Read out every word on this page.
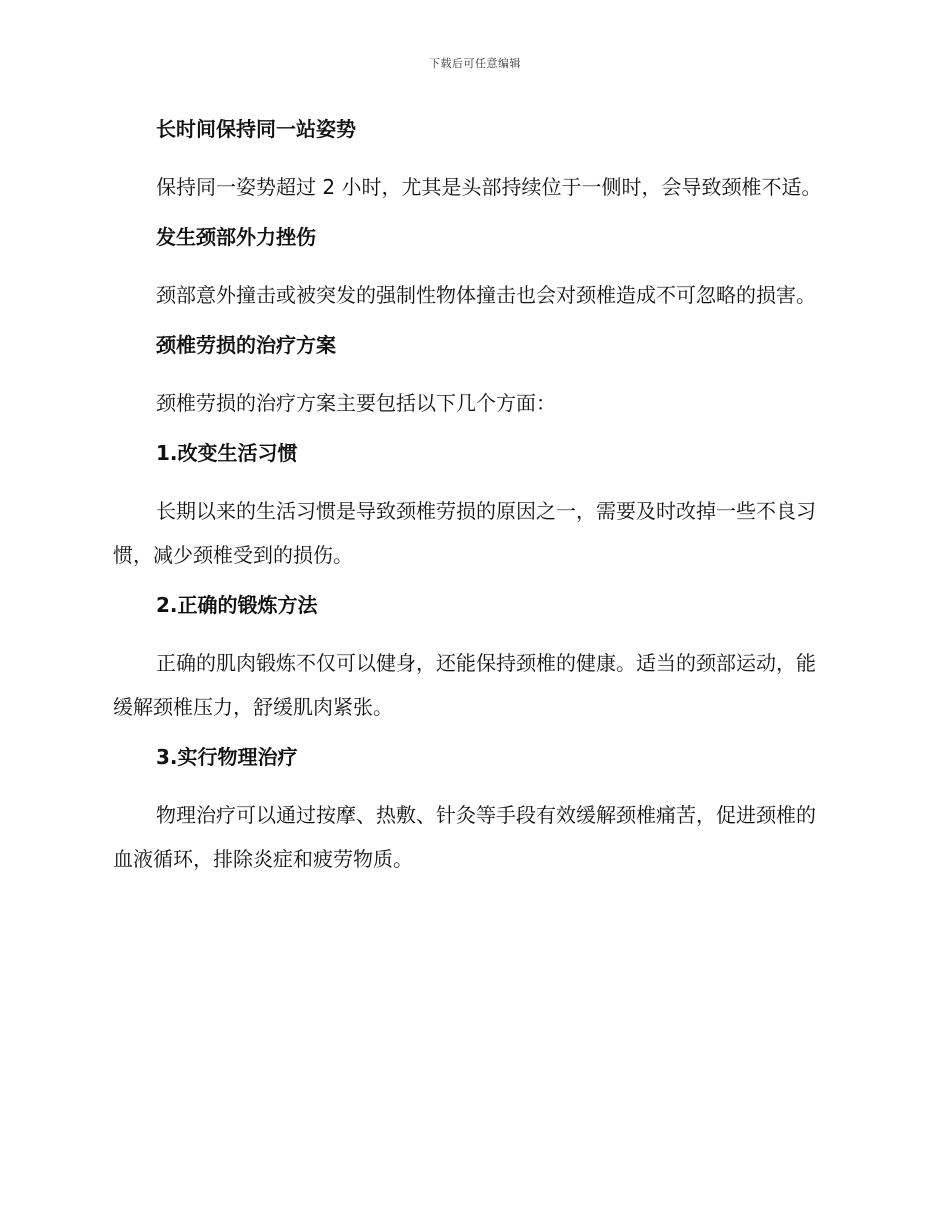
下载后可任意编辑
长时间保持同一站姿势

保持同一姿势超过 2 小时，尤其是头部持续位于一侧时，会导致颈椎不适。

发生颈部外力挫伤

颈部意外撞击或被突发的强制性物体撞击也会对颈椎造成不可忽略的损害。

颈椎劳损的治疗方案

颈椎劳损的治疗方案主要包括以下几个方面：

1.改变生活习惯

长期以来的生活习惯是导致颈椎劳损的原因之一，需要及时改掉一些不良习惯，减少颈椎受到的损伤。

2.正确的锻炼方法

正确的肌肉锻炼不仅可以健身，还能保持颈椎的健康。适当的颈部运动，能缓解颈椎压力，舒缓肌肉紧张。

3.实行物理治疗

物理治疗可以通过按摩、热敷、针灸等手段有效缓解颈椎痛苦，促进颈椎的血液循环，排除炎症和疲劳物质。
